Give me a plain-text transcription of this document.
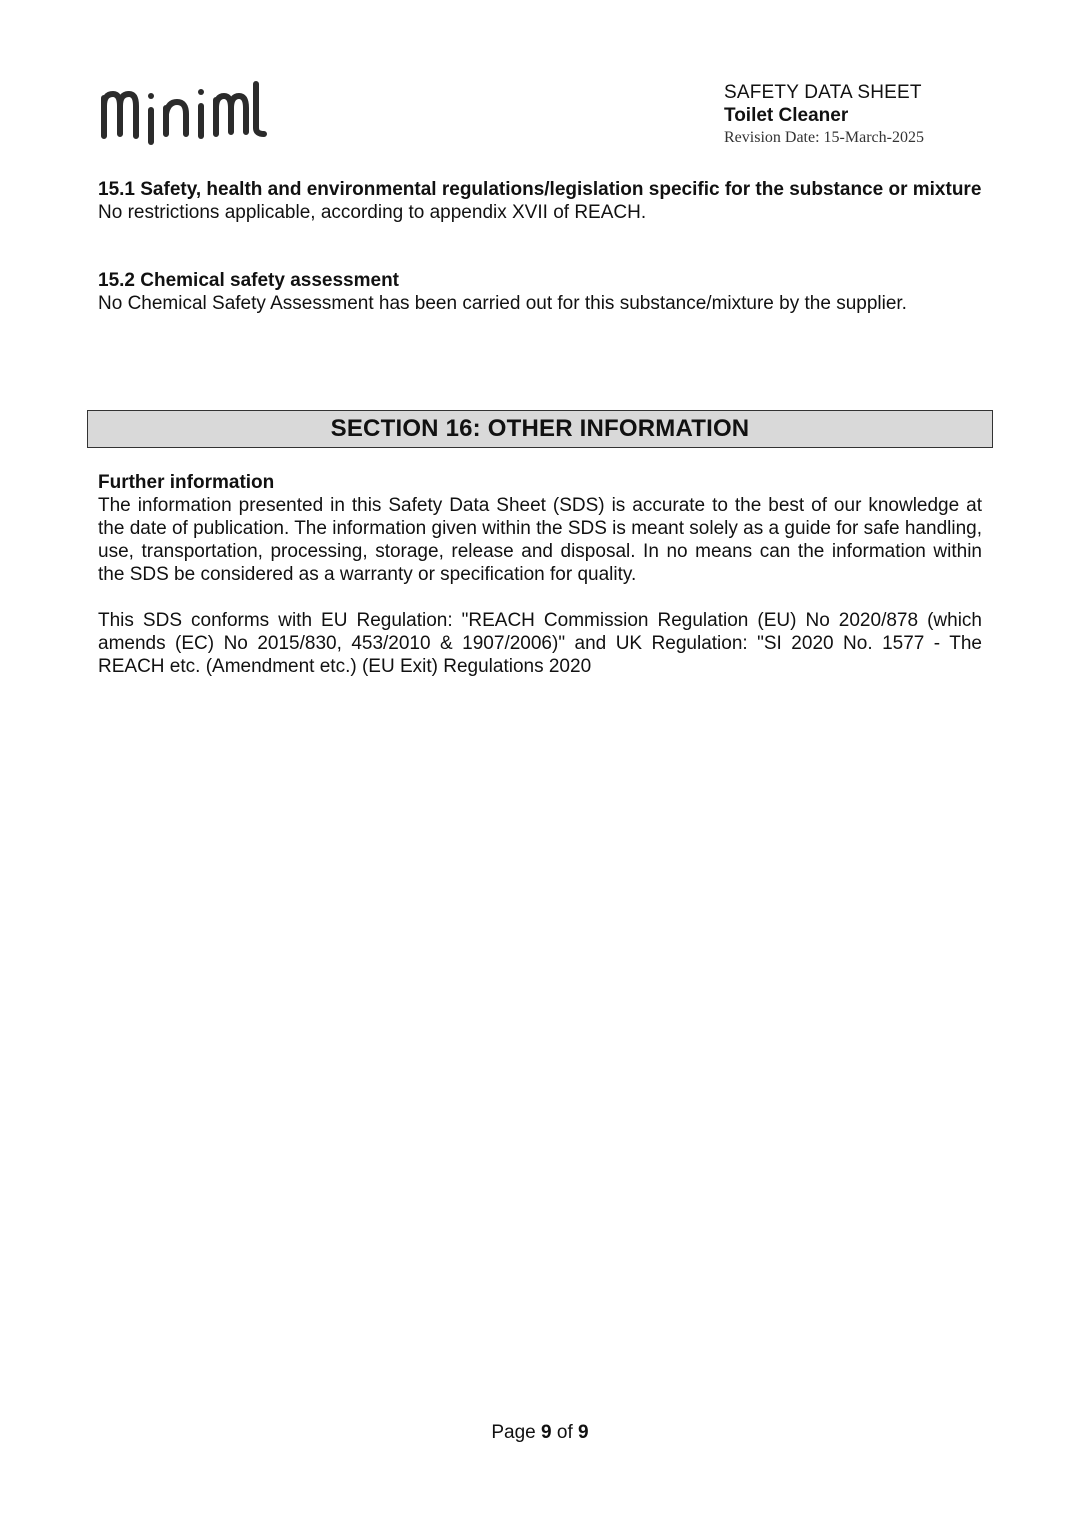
SAFETY DATA SHEET
Toilet Cleaner
Revision Date: 15-March-2025
15.1 Safety, health and environmental regulations/legislation specific for the substance or mixture
No restrictions applicable, according to appendix XVII of REACH.
15.2 Chemical safety assessment
No Chemical Safety Assessment has been carried out for this substance/mixture by the supplier.
SECTION 16: OTHER INFORMATION
Further information
The information presented in this Safety Data Sheet (SDS) is accurate to the best of our knowledge at the date of publication. The information given within the SDS is meant solely as a guide for safe handling, use, transportation, processing, storage, release and disposal. In no means can the information within the SDS be considered as a warranty or specification for quality.
This SDS conforms with EU Regulation: "REACH Commission Regulation (EU) No 2020/878 (which amends (EC) No 2015/830, 453/2010 & 1907/2006)" and UK Regulation: "SI 2020 No. 1577 - The REACH etc. (Amendment etc.) (EU Exit) Regulations 2020
Page 9 of 9
